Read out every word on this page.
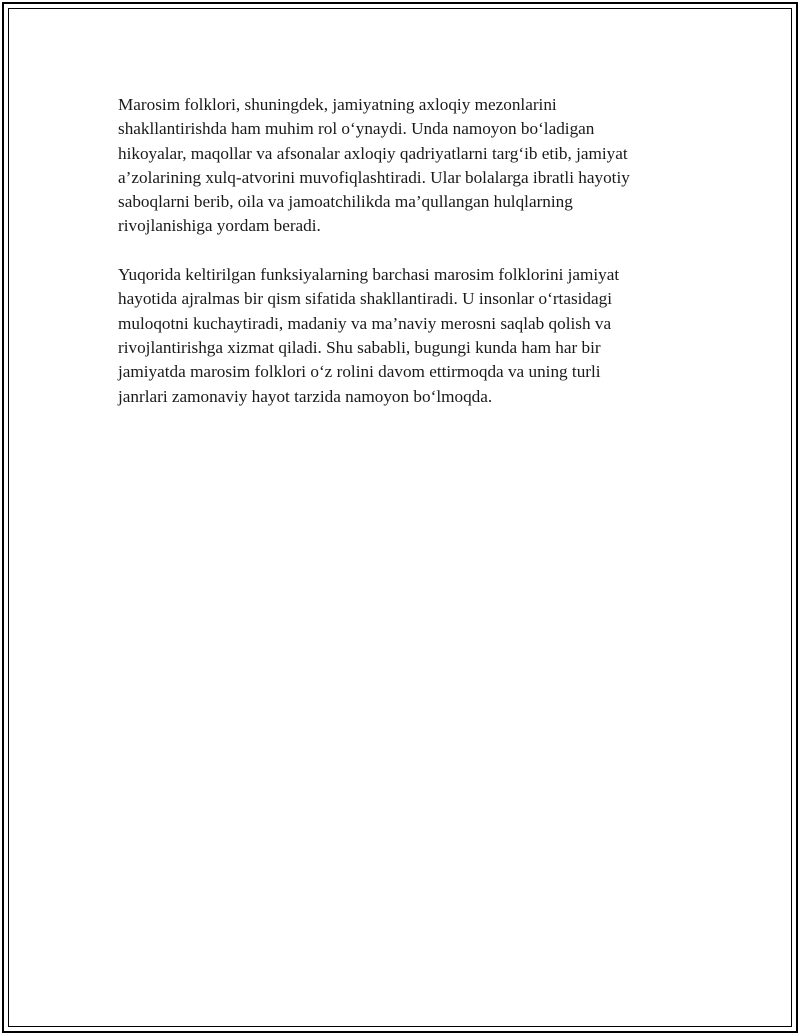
Marosim folklori, shuningdek, jamiyatning axloqiy mezonlarini
shakllantirishda ham muhim rol o‘ynaydi. Unda namoyon bo‘ladigan
hikoyalar, maqollar va afsonalar axloqiy qadriyatlarni targ‘ib etib, jamiyat
a’zolarining xulq-atvorini muvofiqlashtiradi. Ular bolalarga ibratli hayotiy
saboqlarni berib, oila va jamoatchilikda ma’qullangan hulqlarning
rivojlanishiga yordam beradi.

Yuqorida keltirilgan funksiyalarning barchasi marosim folklorini jamiyat
hayotida ajralmas bir qism sifatida shakllantiradi. U insonlar o‘rtasidagi
muloqotni kuchaytiradi, madaniy va ma’naviy merosni saqlab qolish va
rivojlantirishga xizmat qiladi. Shu sababli, bugungi kunda ham har bir
jamiyatda marosim folklori o‘z rolini davom ettirmoqda va uning turli
janrlari zamonaviy hayot tarzida namoyon bo‘lmoqda.
